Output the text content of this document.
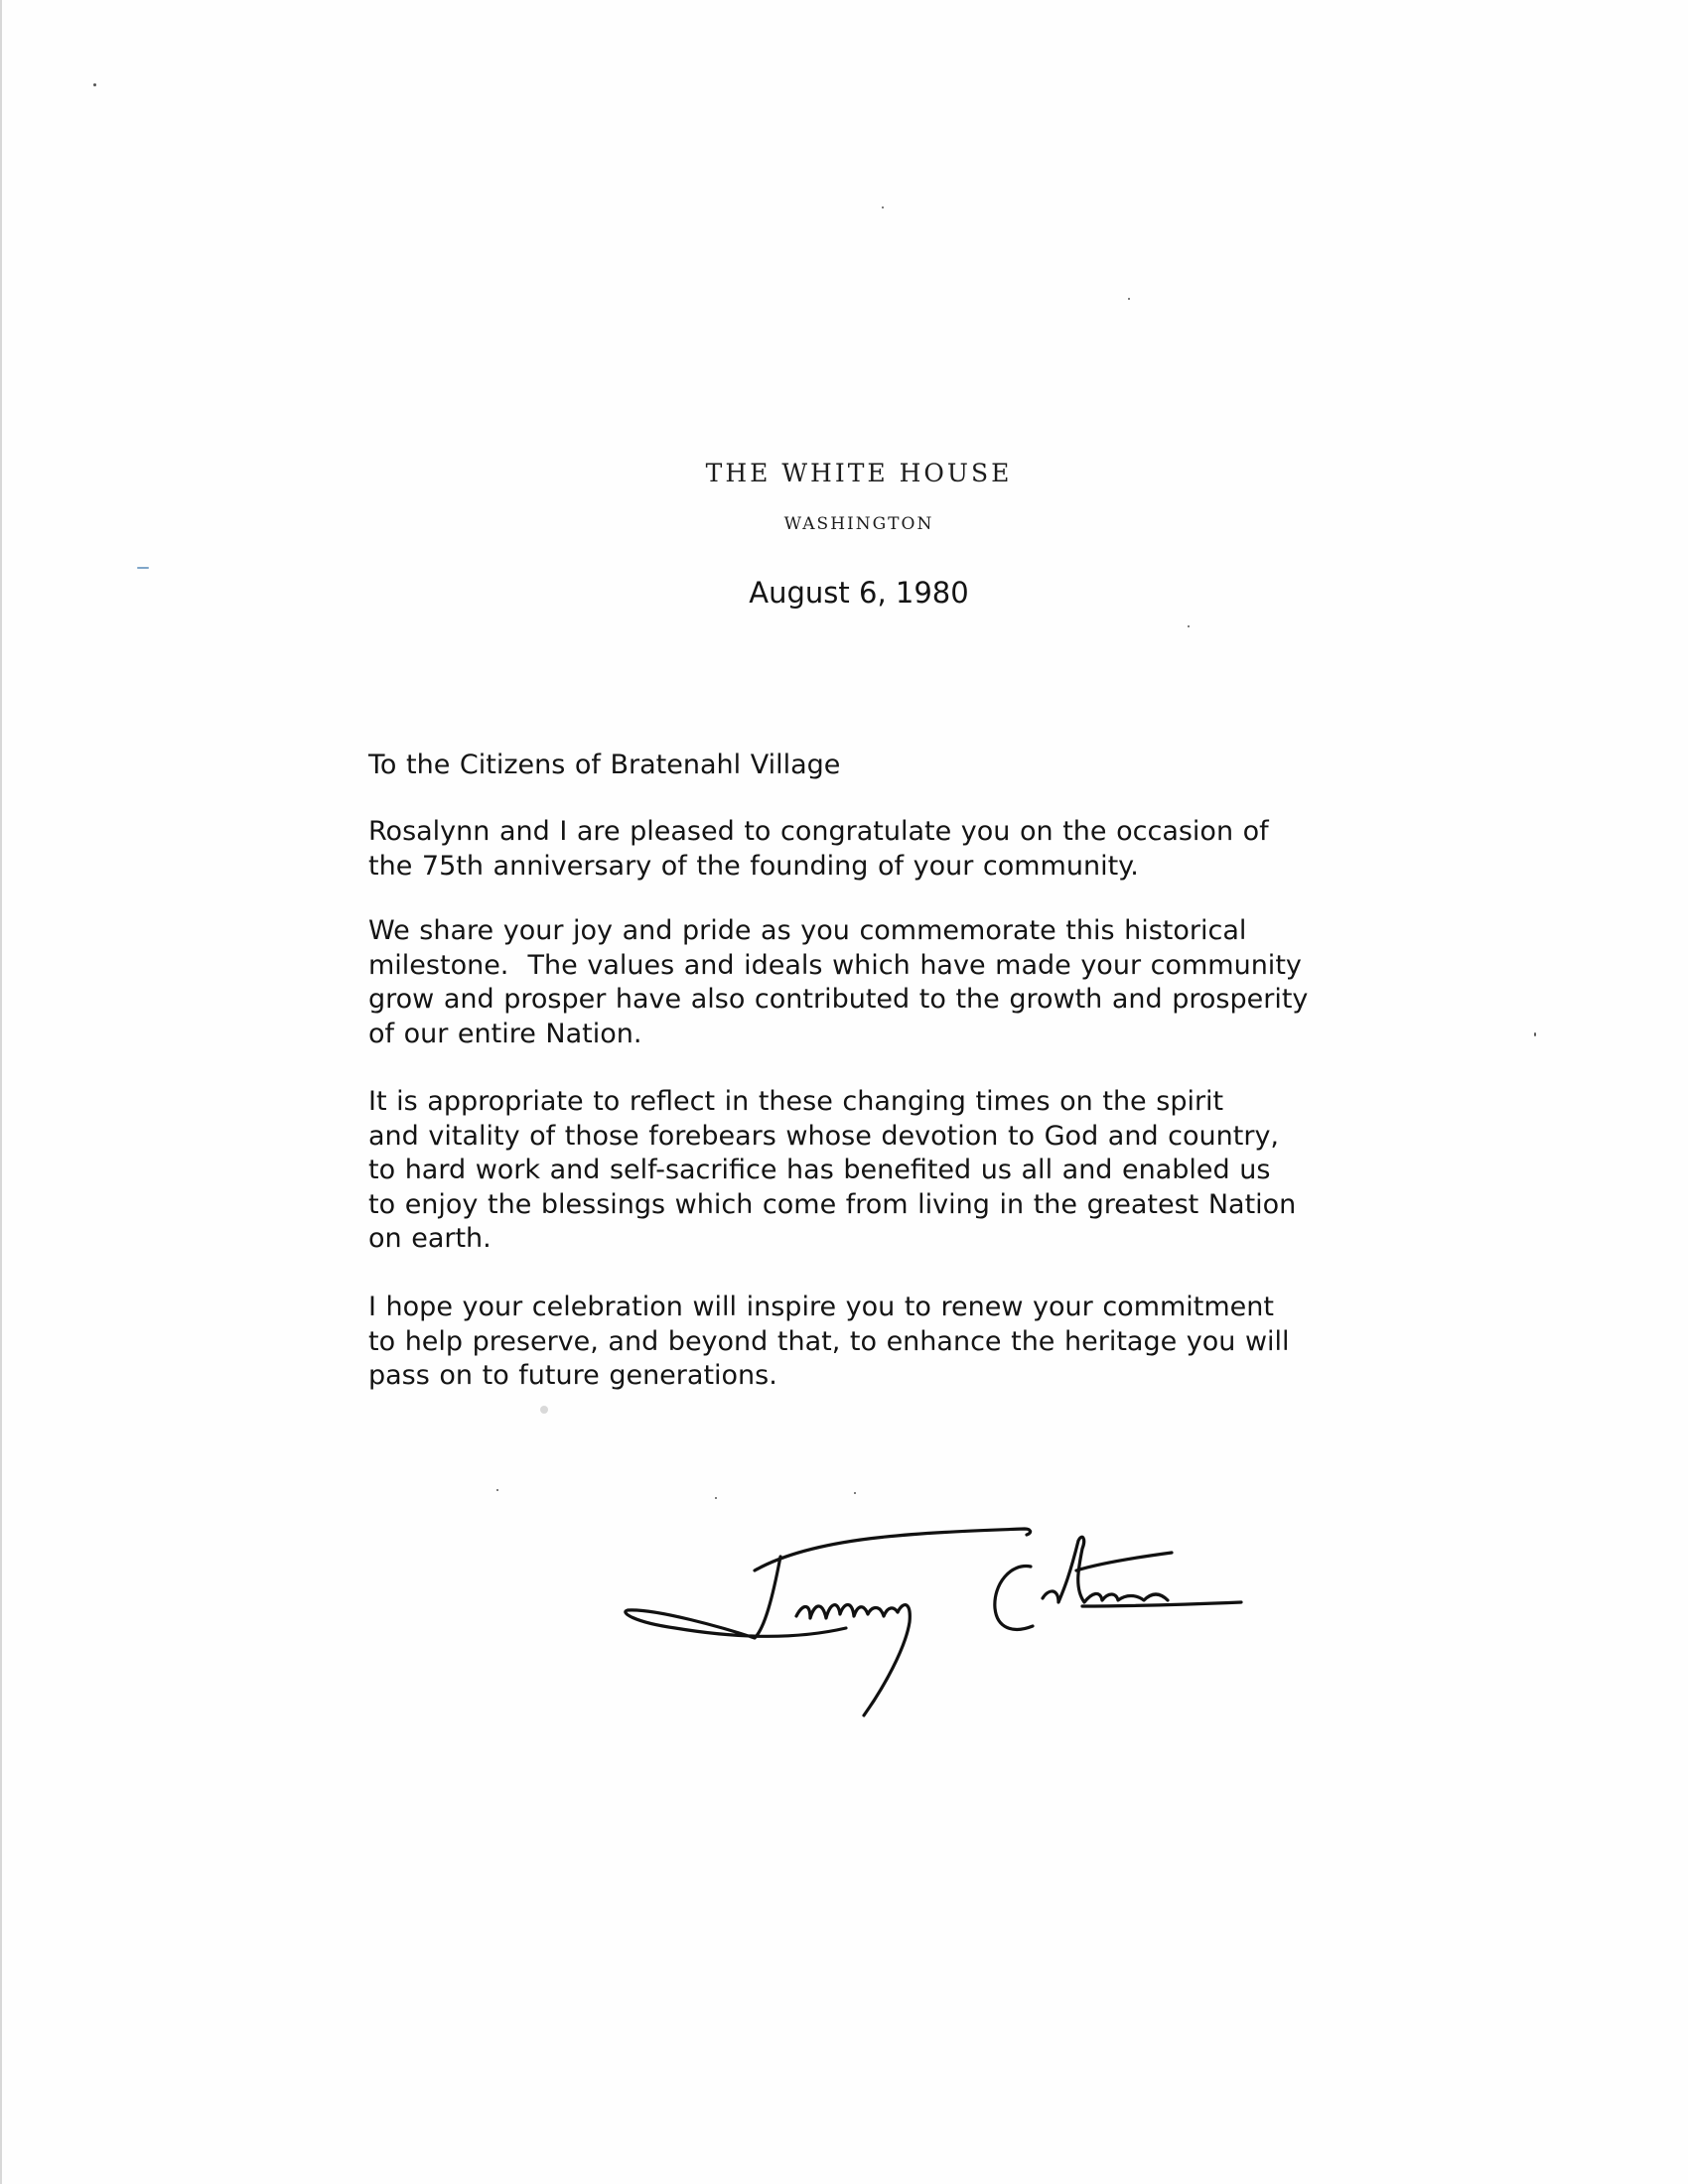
THE WHITE HOUSE
WASHINGTON
August 6, 1980
To the Citizens of Bratenahl Village
Rosalynn and I are pleased to congratulate you on the occasion of
the 75th anniversary of the founding of your community.
We share your joy and pride as you commemorate this historical
milestone.  The values and ideals which have made your community
grow and prosper have also contributed to the growth and prosperity
of our entire Nation.
It is appropriate to reflect in these changing times on the spirit
and vitality of those forebears whose devotion to God and country,
to hard work and self-sacrifice has benefited us all and enabled us
to enjoy the blessings which come from living in the greatest Nation
on earth.
I hope your celebration will inspire you to renew your commitment
to help preserve, and beyond that, to enhance the heritage you will
pass on to future generations.
